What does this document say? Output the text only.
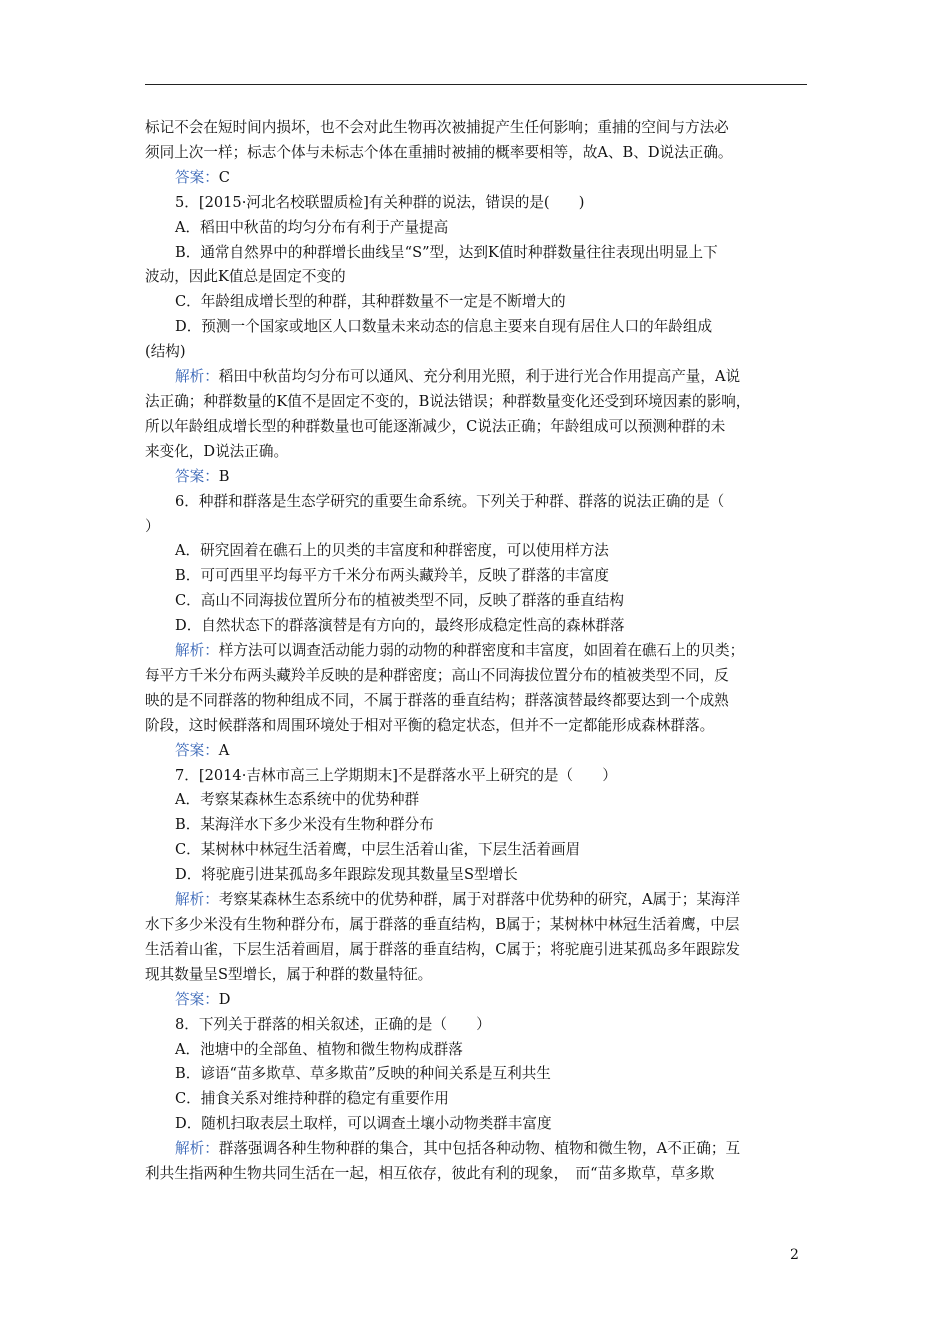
标记不会在短时间内损坏，也不会对此生物再次被捕捉产生任何影响；重捕的空间与方法必

须同上次一样；标志个体与未标志个体在重捕时被捕的概率要相等，故A、B、D说法正确。

答案：C

5．[2015·河北名校联盟质检]有关种群的说法，错误的是(　　)

A．稻田中秋苗的均匀分布有利于产量提高

B．通常自然界中的种群增长曲线呈“S”型，达到K值时种群数量往往表现出明显上下

波动，因此K值总是固定不变的

C．年龄组成增长型的种群，其种群数量不一定是不断增大的

D．预测一个国家或地区人口数量未来动态的信息主要来自现有居住人口的年龄组成

(结构)

解析：稻田中秋苗均匀分布可以通风、充分利用光照，利于进行光合作用提高产量，A说

法正确；种群数量的K值不是固定不变的，B说法错误；种群数量变化还受到环境因素的影响，

所以年龄组成增长型的种群数量也可能逐渐减少，C说法正确；年龄组成可以预测种群的未

来变化，D说法正确。

答案：B

6．种群和群落是生态学研究的重要生命系统。下列关于种群、群落的说法正确的是（

）

A．研究固着在礁石上的贝类的丰富度和种群密度，可以使用样方法

B．可可西里平均每平方千米分布两头藏羚羊，反映了群落的丰富度

C．高山不同海拔位置所分布的植被类型不同，反映了群落的垂直结构

D．自然状态下的群落演替是有方向的，最终形成稳定性高的森林群落

解析：样方法可以调查活动能力弱的动物的种群密度和丰富度，如固着在礁石上的贝类；

每平方千米分布两头藏羚羊反映的是种群密度；高山不同海拔位置分布的植被类型不同，反

映的是不同群落的物种组成不同，不属于群落的垂直结构；群落演替最终都要达到一个成熟

阶段，这时候群落和周围环境处于相对平衡的稳定状态，但并不一定都能形成森林群落。

答案：A

7．[2014·吉林市高三上学期期末]不是群落水平上研究的是（　　）

A．考察某森林生态系统中的优势种群

B．某海洋水下多少米没有生物种群分布

C．某树林中林冠生活着鹰，中层生活着山雀，下层生活着画眉

D．将驼鹿引进某孤岛多年跟踪发现其数量呈S型增长

解析：考察某森林生态系统中的优势种群，属于对群落中优势种的研究，A属于；某海洋

水下多少米没有生物种群分布，属于群落的垂直结构，B属于；某树林中林冠生活着鹰，中层

生活着山雀，下层生活着画眉，属于群落的垂直结构，C属于；将驼鹿引进某孤岛多年跟踪发

现其数量呈S型增长，属于种群的数量特征。

答案：D

8．下列关于群落的相关叙述，正确的是（　　）

A．池塘中的全部鱼、植物和微生物构成群落

B．谚语“苗多欺草、草多欺苗”反映的种间关系是互利共生

C．捕食关系对维持种群的稳定有重要作用

D．随机扫取表层土取样，可以调查土壤小动物类群丰富度

解析：群落强调各种生物种群的集合，其中包括各种动物、植物和微生物，A不正确；互

利共生指两种生物共同生活在一起，相互依存，彼此有利的现象，　而“苗多欺草，草多欺

2
